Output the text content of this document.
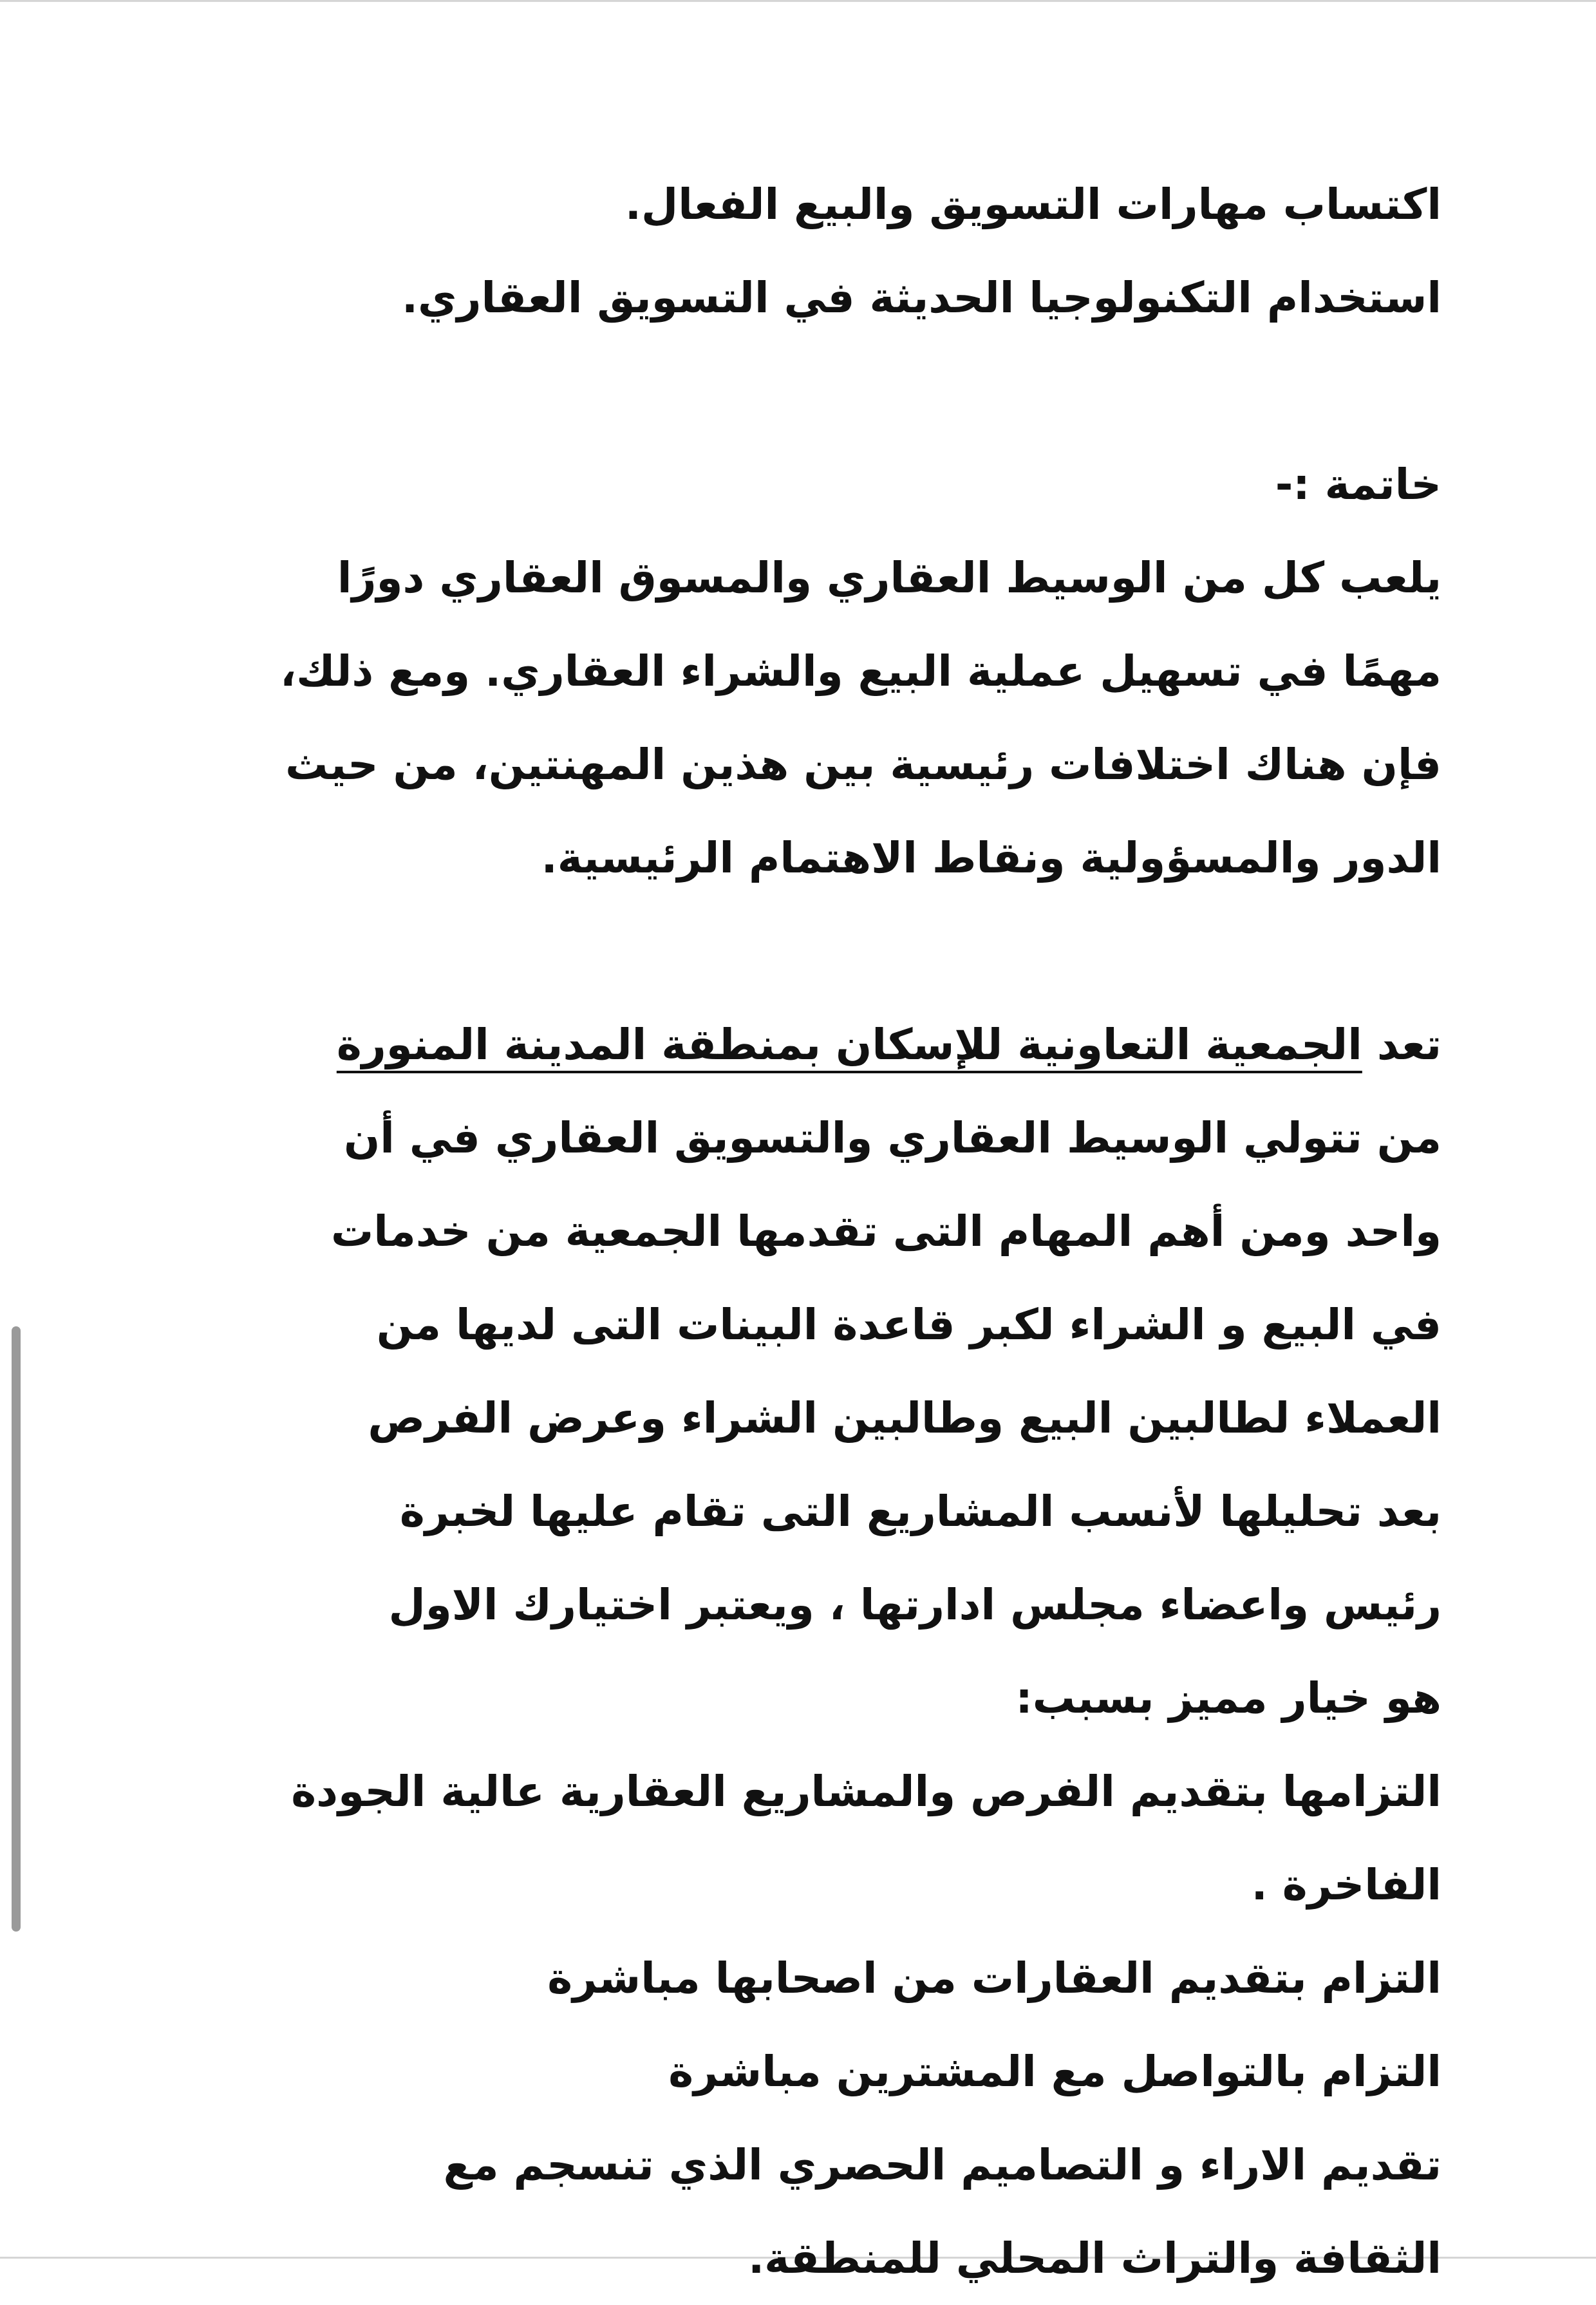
اكتساب مهارات التسويق والبيع الفعال.
استخدام التكنولوجيا الحديثة في التسويق العقاري.
خاتمة :-
يلعب كل من الوسيط العقاري والمسوق العقاري دورًا
مهمًا في تسهيل عملية البيع والشراء العقاري. ومع ذلك،
فإن هناك اختلافات رئيسية بين هذين المهنتين، من حيث
الدور والمسؤولية ونقاط الاهتمام الرئيسية.
تعد الجمعية التعاونية للإسكان بمنطقة المدينة المنورة
من تتولي الوسيط العقاري والتسويق العقاري في أن
واحد ومن أهم المهام التى تقدمها الجمعية من خدمات
في البيع و الشراء لكبر قاعدة البينات التى لديها من
العملاء لطالبين البيع وطالبين الشراء وعرض الفرص
بعد تحليلها لأنسب المشاريع التى تقام عليها لخبرة
رئيس واعضاء مجلس ادارتها ، ويعتبر اختيارك الاول
هو خيار مميز بسبب:
التزامها بتقديم الفرص والمشاريع العقارية عالية الجودة
الفاخرة .
التزام بتقديم العقارات من اصحابها مباشرة
التزام بالتواصل مع المشترين مباشرة
تقديم الاراء و التصاميم الحصري الذي تنسجم مع
الثقافة والتراث المحلي للمنطقة.
